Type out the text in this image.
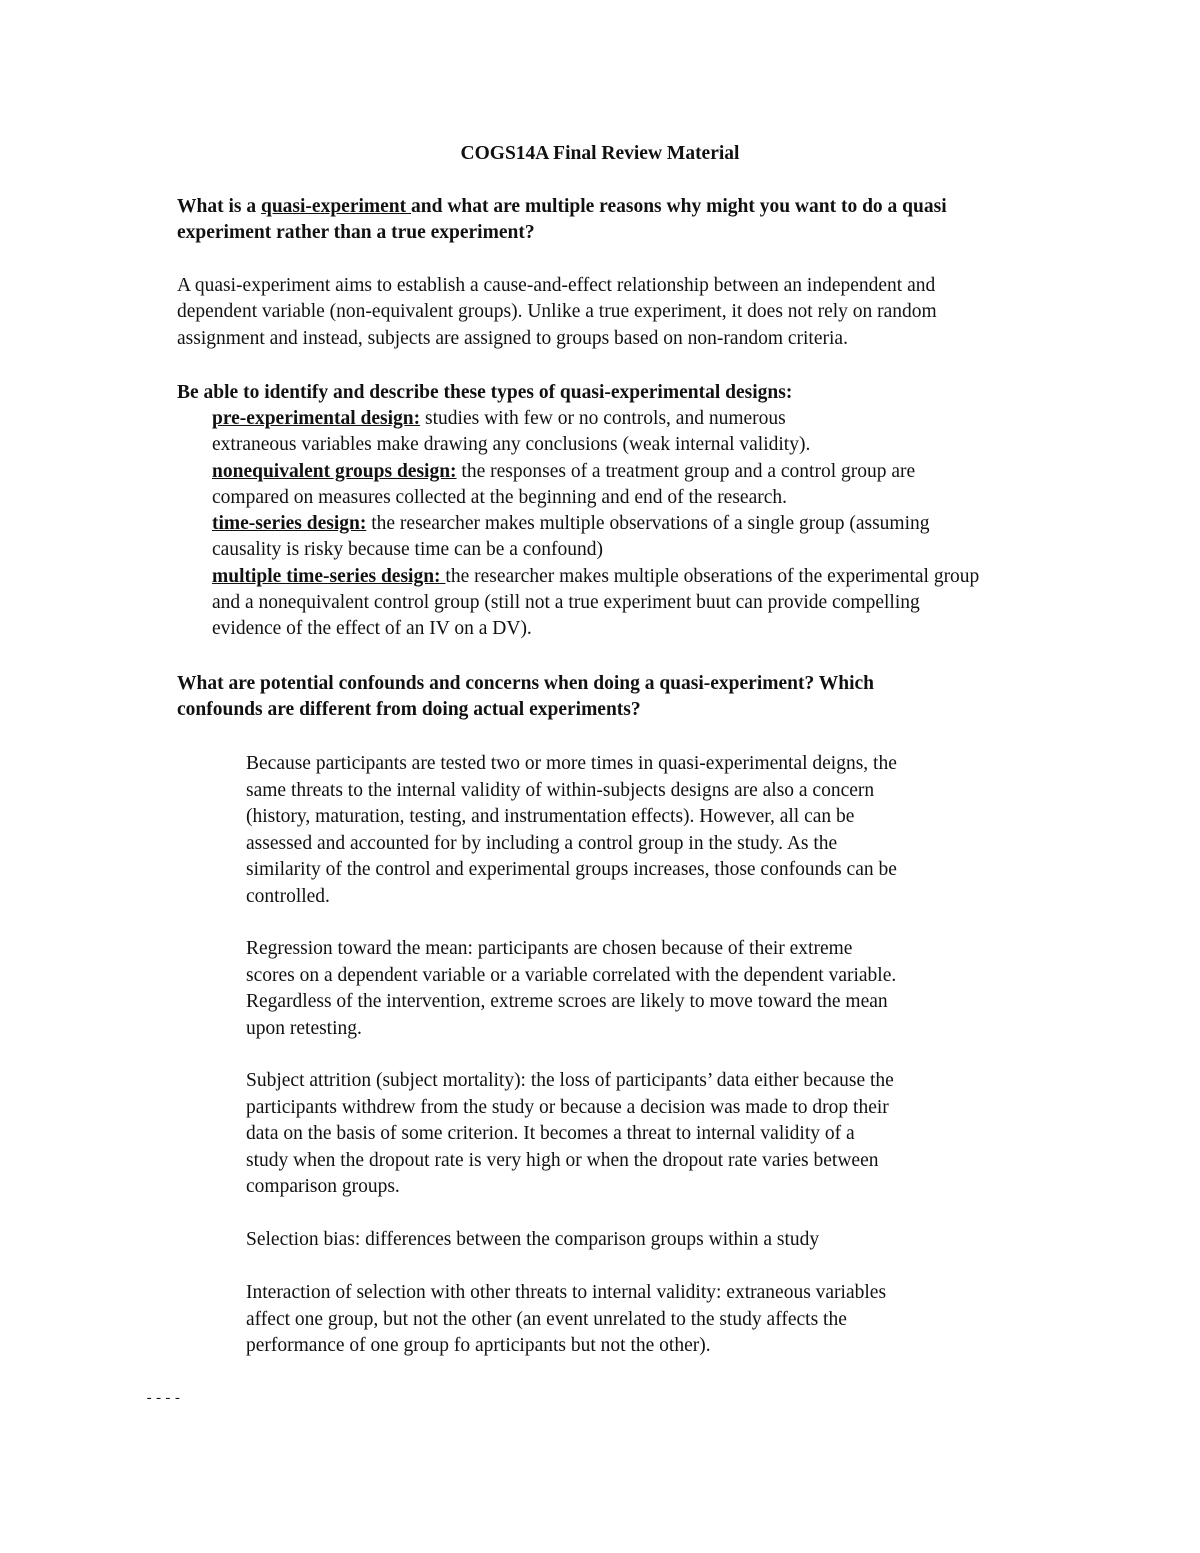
COGS14A Final Review Material
What is a quasi-experiment and what are multiple reasons why might you want to do a quasi
experiment rather than a true experiment?
A quasi-experiment aims to establish a cause-and-effect relationship between an independent and
dependent variable (non-equivalent groups). Unlike a true experiment, it does not rely on random
assignment and instead, subjects are assigned to groups based on non-random criteria.
Be able to identify and describe these types of quasi-experimental designs:
pre-experimental design: studies with few or no controls, and numerous
extraneous variables make drawing any conclusions (weak internal validity).
nonequivalent groups design: the responses of a treatment group and a control group are
compared on measures collected at the beginning and end of the research.
time-series design: the researcher makes multiple observations of a single group (assuming
causality is risky because time can be a confound)
multiple time-series design: the researcher makes multiple obserations of the experimental group
and a nonequivalent control group (still not a true experiment buut can provide compelling
evidence of the effect of an IV on a DV).
What are potential confounds and concerns when doing a quasi-experiment? Which
confounds are different from doing actual experiments?
Because participants are tested two or more times in quasi-experimental deigns, the
same threats to the internal validity of within-subjects designs are also a concern
(history, maturation, testing, and instrumentation effects). However, all can be
assessed and accounted for by including a control group in the study. As the
similarity of the control and experimental groups increases, those confounds can be
controlled.
Regression toward the mean: participants are chosen because of their extreme
scores on a dependent variable or a variable correlated with the dependent variable.
Regardless of the intervention, extreme scroes are likely to move toward the mean
upon retesting.
Subject attrition (subject mortality): the loss of participants’ data either because the
participants withdrew from the study or because a decision was made to drop their
data on the basis of some criterion. It becomes a threat to internal validity of a
study when the dropout rate is very high or when the dropout rate varies between
comparison groups.
Selection bias: differences between the comparison groups within a study
Interaction of selection with other threats to internal validity: extraneous variables
affect one group, but not the other (an event unrelated to the study affects the
performance of one group fo aprticipants but not the other).
----
